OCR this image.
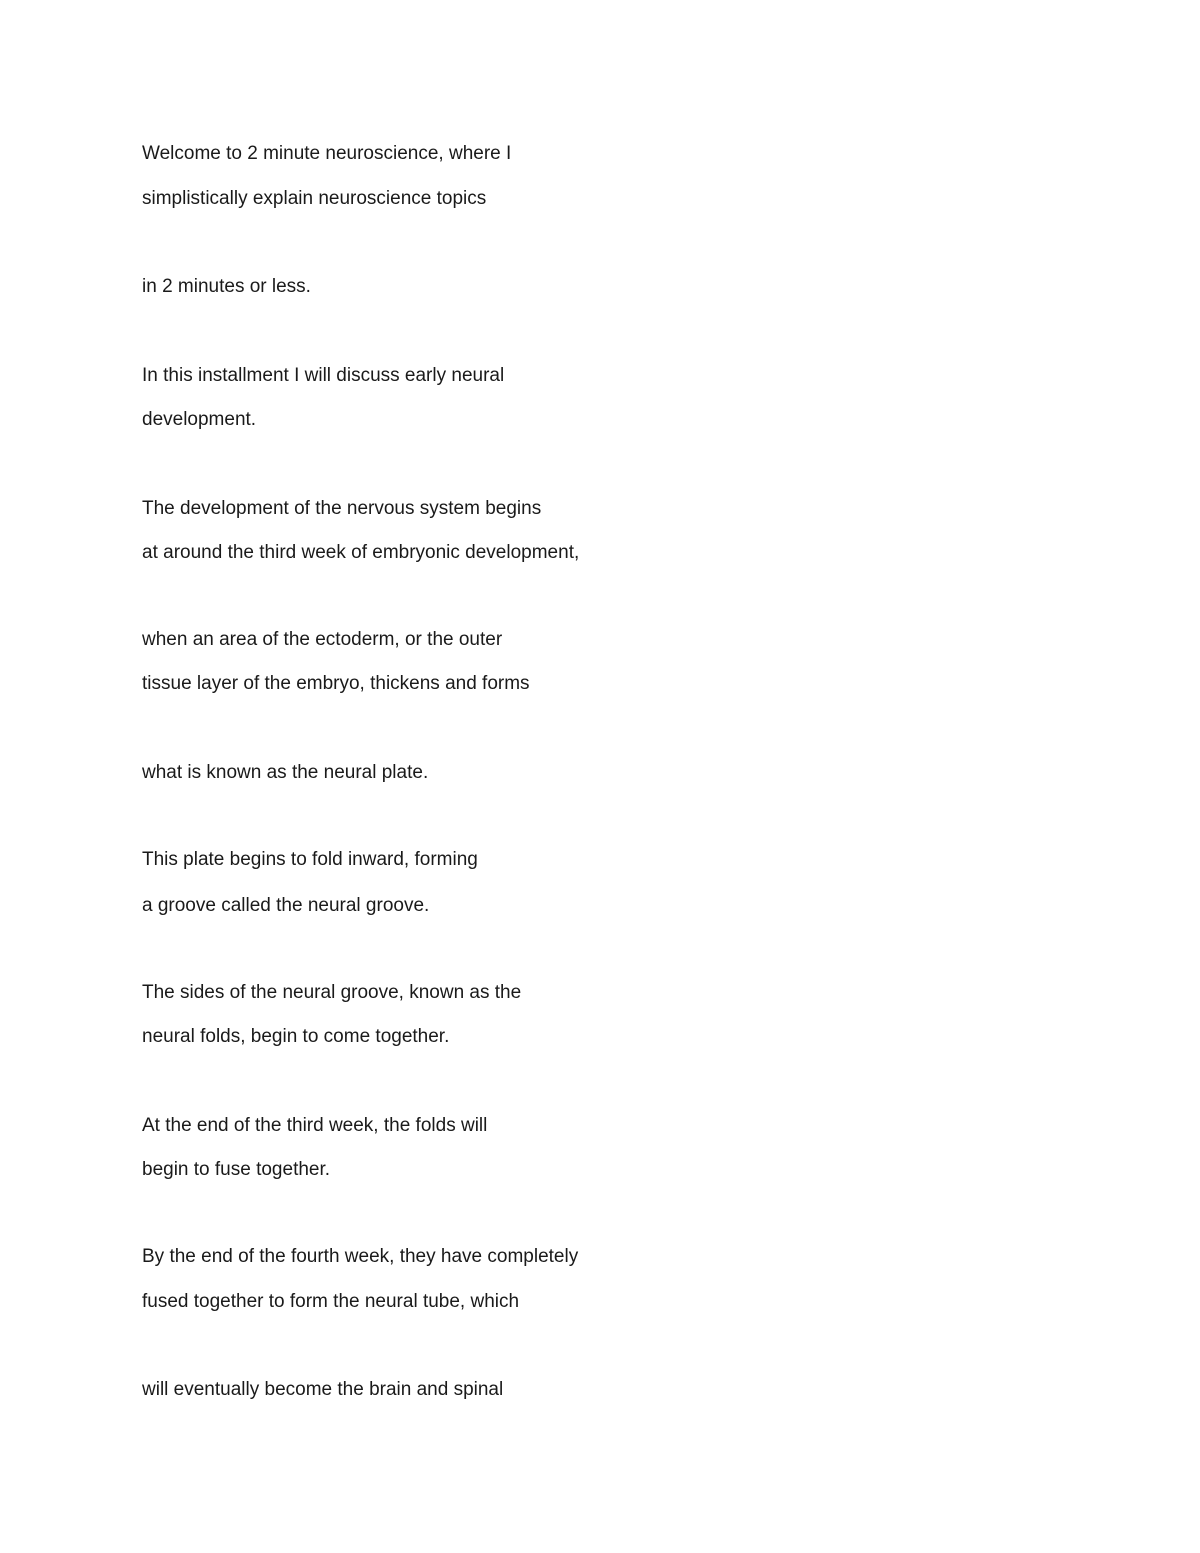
Welcome to 2 minute neuroscience, where I
simplistically explain neuroscience topics
in 2 minutes or less.
In this installment I will discuss early neural
development.
The development of the nervous system begins
at around the third week of embryonic development,
when an area of the ectoderm, or the outer
tissue layer of the embryo, thickens and forms
what is known as the neural plate.
This plate begins to fold inward, forming
a groove called the neural groove.
The sides of the neural groove, known as the
neural folds, begin to come together.
At the end of the third week, the folds will
begin to fuse together.
By the end of the fourth week, they have completely
fused together to form the neural tube, which
will eventually become the brain and spinal
